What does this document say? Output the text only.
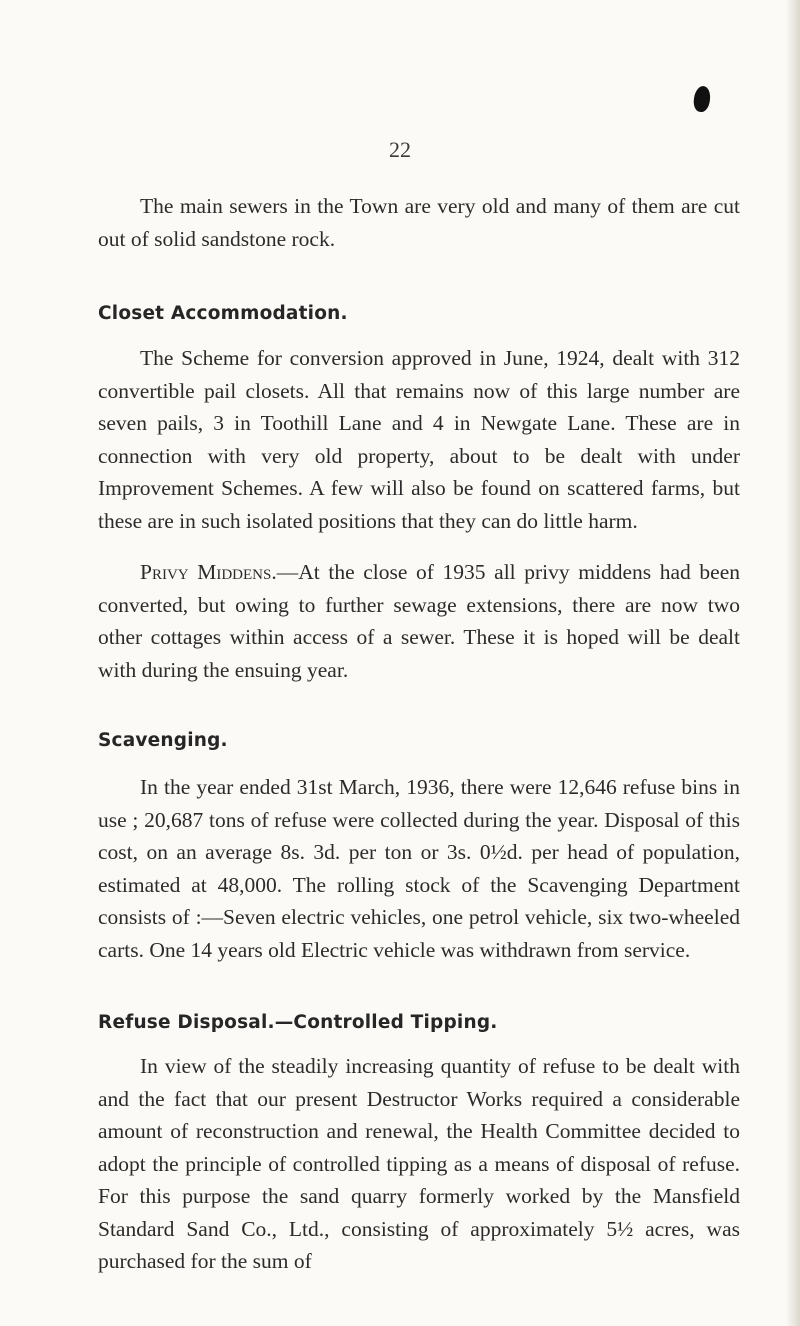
22

The main sewers in the Town are very old and many of them are cut out of solid sandstone rock.

Closet Accommodation.

The Scheme for conversion approved in June, 1924, dealt with 312 convertible pail closets. All that remains now of this large number are seven pails, 3 in Toothill Lane and 4 in Newgate Lane. These are in connection with very old property, about to be dealt with under Improvement Schemes. A few will also be found on scattered farms, but these are in such isolated positions that they can do little harm.

Privy Middens.—At the close of 1935 all privy middens had been converted, but owing to further sewage extensions, there are now two other cottages within access of a sewer. These it is hoped will be dealt with during the ensuing year.

Scavenging.

In the year ended 31st March, 1936, there were 12,646 refuse bins in use ; 20,687 tons of refuse were collected during the year. Disposal of this cost, on an average 8s. 3d. per ton or 3s. 0½d. per head of population, estimated at 48,000. The rolling stock of the Scavenging Department consists of :—Seven electric vehicles, one petrol vehicle, six two-wheeled carts. One 14 years old Electric vehicle was withdrawn from service.

Refuse Disposal.—Controlled Tipping.

In view of the steadily increasing quantity of refuse to be dealt with and the fact that our present Destructor Works required a considerable amount of reconstruction and renewal, the Health Committee decided to adopt the principle of controlled tipping as a means of disposal of refuse. For this purpose the sand quarry formerly worked by the Mansfield Standard Sand Co., Ltd., consisting of approximately 5½ acres, was purchased for the sum of
